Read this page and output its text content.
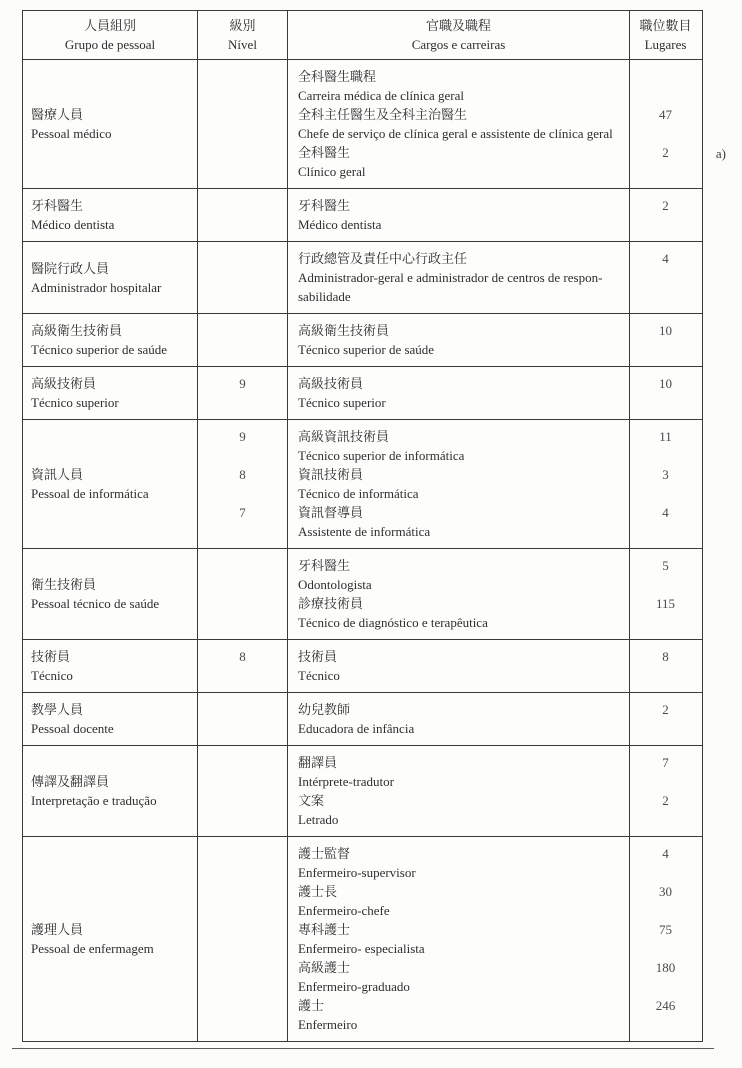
人員組別
Grupo de pessoal
級別
Nível
官職及職程
Cargos e carreiras
職位數目
Lugares
醫療人員
Pessoal médico
全科醫生職程
Carreira médica de clínica geral
全科主任醫生及全科主治醫生
Chefe de serviço de clínica geral e assistente de clínica geral
全科醫生
Clínico geral
47
2
牙科醫生
Médico dentista
牙科醫生
Médico dentista
2
醫院行政人員
Administrador hospitalar
行政總管及責任中心行政主任
Administrador-geral e administrador de centros de respon-
sabilidade
4
高級衛生技術員
Técnico superior de saúde
高級衛生技術員
Técnico superior de saúde
10
高級技術員
Técnico superior
9	高級技術員
Técnico superior
10
資訊人員
Pessoal de informática
9
8
7
高級資訊技術員
Técnico superior de informática
資訊技術員
Técnico de informática
資訊督導員
Assistente de informática
11
3
4
衛生技術員
Pessoal técnico de saúde
牙科醫生
Odontologista
診療技術員
Técnico de diagnóstico e terapêutica
5
115
技術員
Técnico
8	技術員
Técnico
8
教學人員
Pessoal docente
幼兒教師
Educadora de infância
2
傳譯及翻譯員
Interpretação e tradução
翻譯員
Intérprete-tradutor
文案
Letrado
7
2
護理人員
Pessoal de enfermagem
護士監督
Enfermeiro-supervisor
護士長
Enfermeiro-chefe
專科護士
Enfermeiro- especialista
高級護士
Enfermeiro-graduado
護士
Enfermeiro
4
30
75
180
246
a)
